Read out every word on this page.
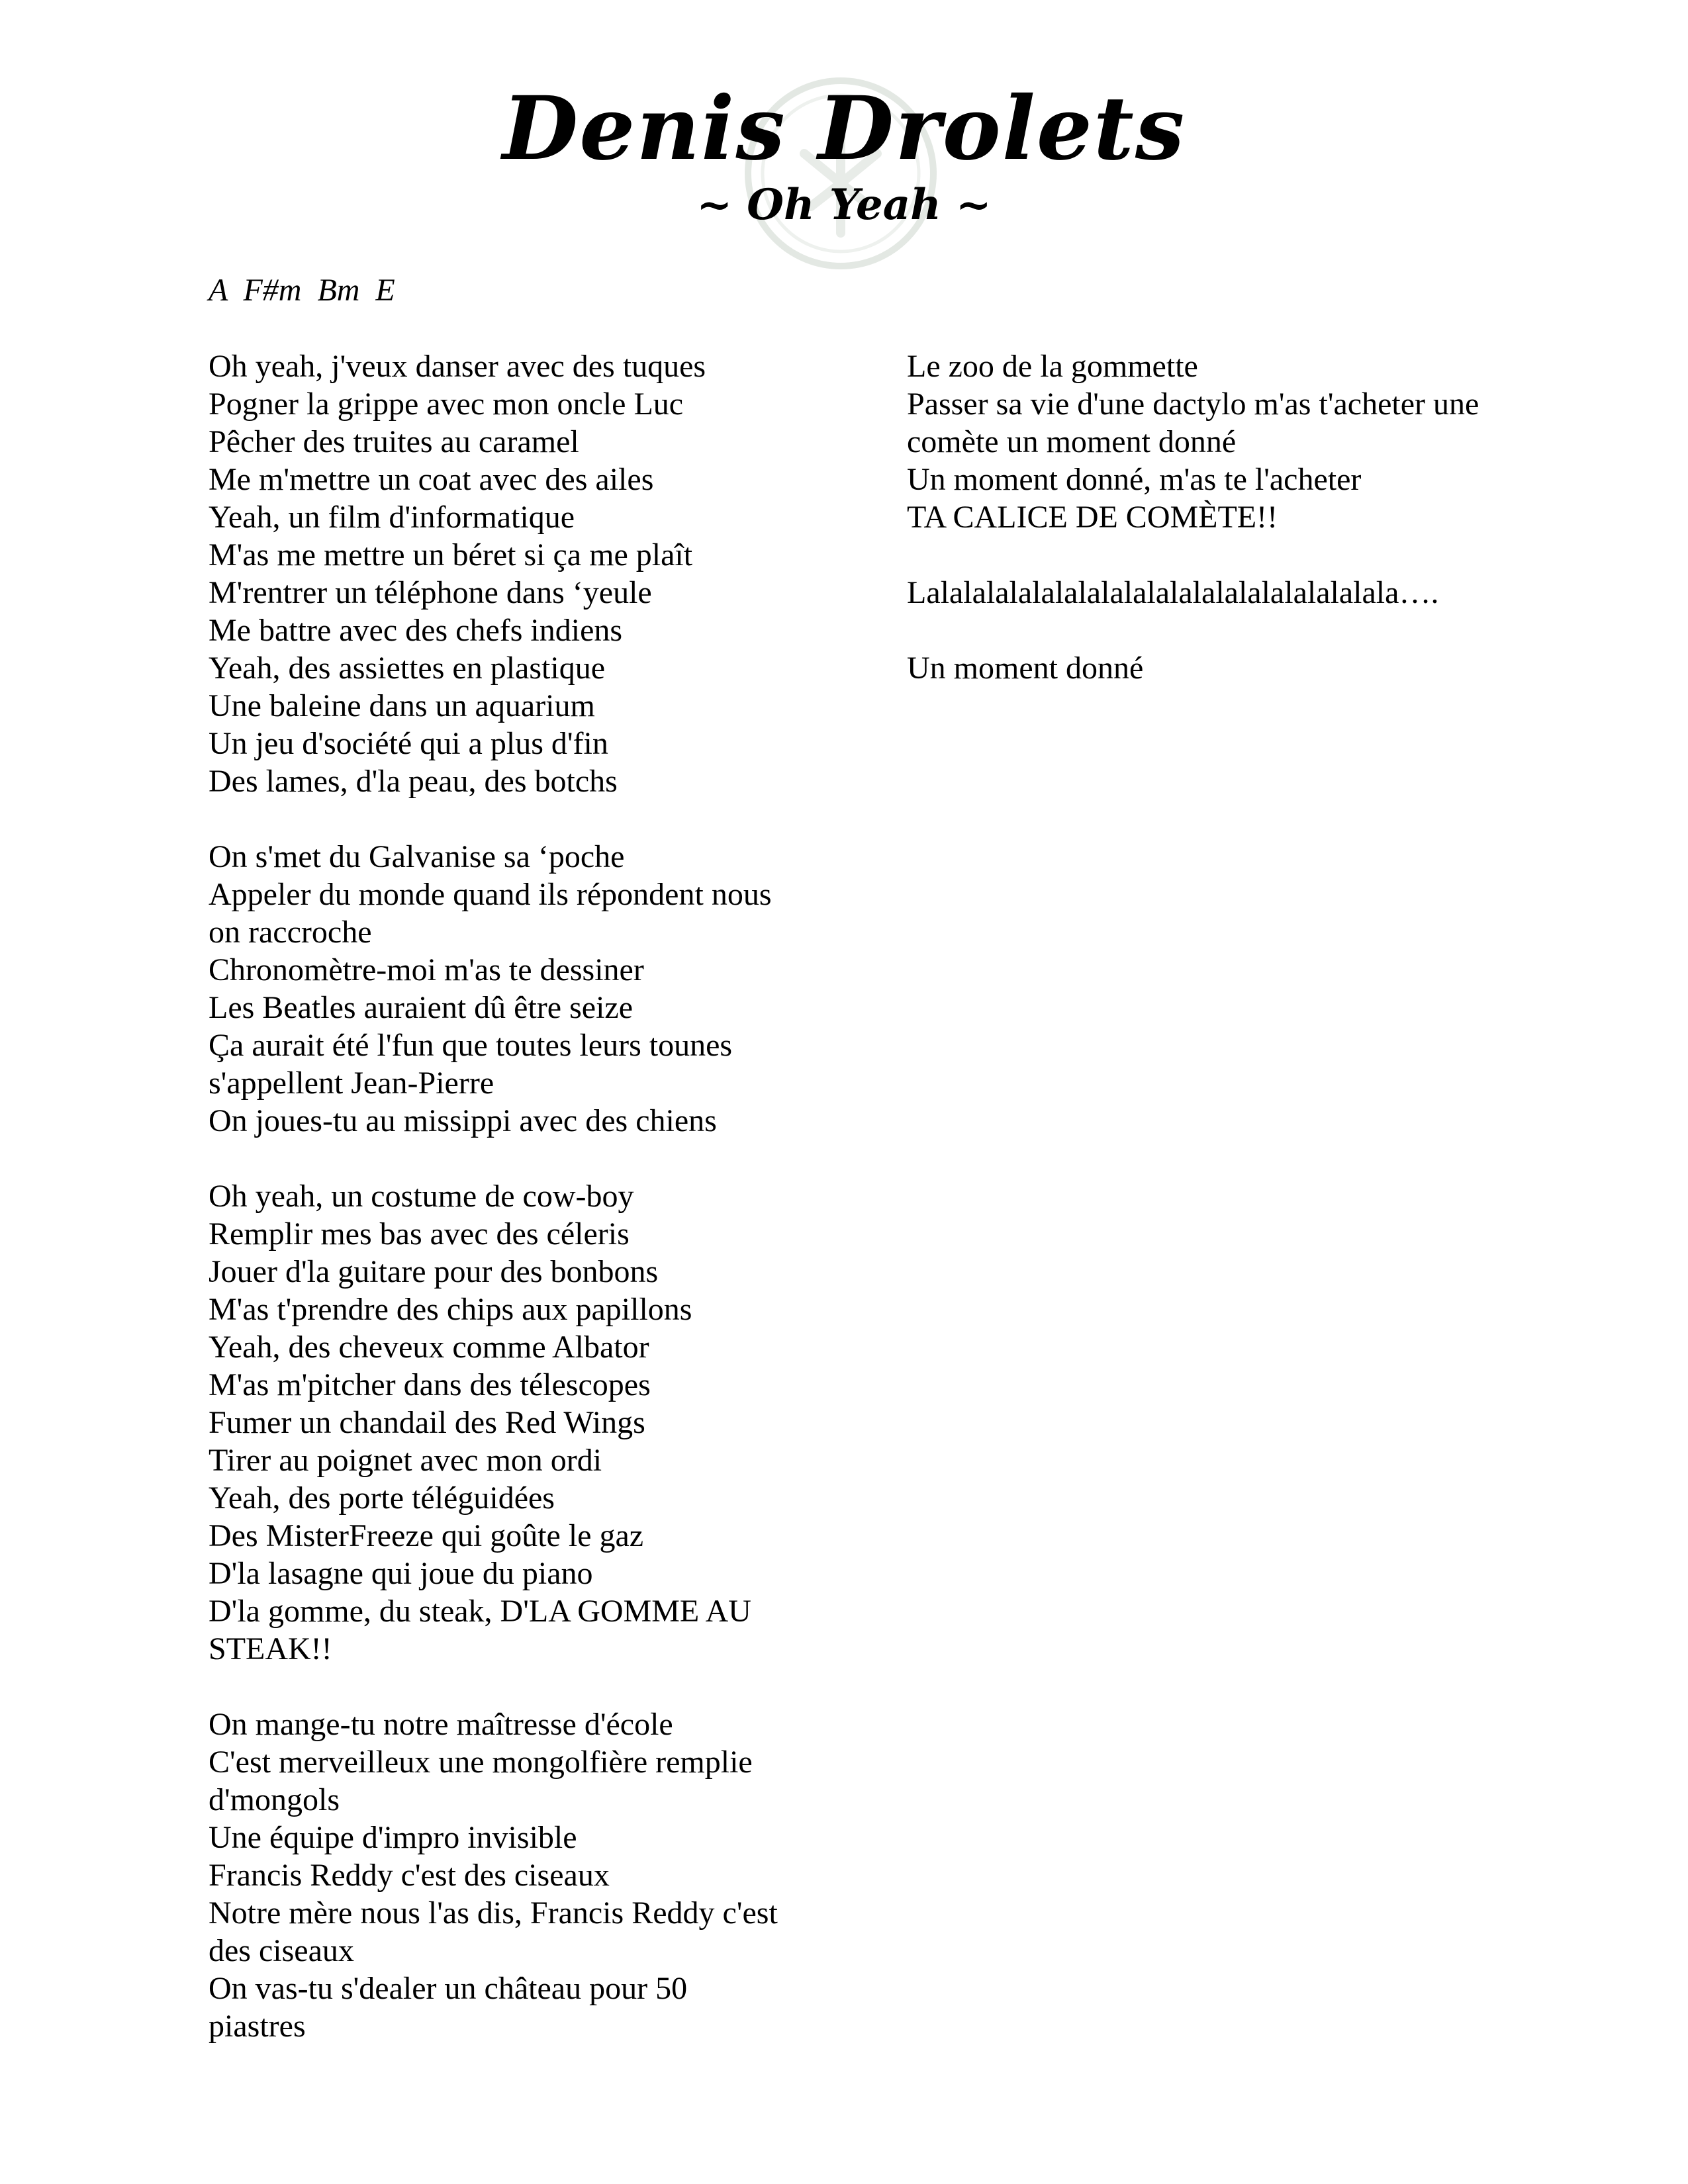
Denis Drolets
~ Oh Yeah ~
A  F#m  Bm  E
Oh yeah, j'veux danser avec des tuques
Pogner la grippe avec mon oncle Luc
Pêcher des truites au caramel
Me m'mettre un coat avec des ailes
Yeah, un film d'informatique
M'as me mettre un béret si ça me plaît
M'rentrer un téléphone dans ‘yeule
Me battre avec des chefs indiens
Yeah, des assiettes en plastique
Une baleine dans un aquarium
Un jeu d'société qui a plus d'fin
Des lames, d'la peau, des botchs
On s'met du Galvanise sa ‘poche
Appeler du monde quand ils répondent nous
on raccroche
Chronomètre-moi m'as te dessiner
Les Beatles auraient dû être seize
Ça aurait été l'fun que toutes leurs tounes
s'appellent Jean-Pierre
On joues-tu au missippi avec des chiens
Oh yeah, un costume de cow-boy
Remplir mes bas avec des céleris
Jouer d'la guitare pour des bonbons
M'as t'prendre des chips aux papillons
Yeah, des cheveux comme Albator
M'as m'pitcher dans des télescopes
Fumer un chandail des Red Wings
Tirer au poignet avec mon ordi
Yeah, des porte téléguidées
Des MisterFreeze qui goûte le gaz
D'la lasagne qui joue du piano
D'la gomme, du steak, D'LA GOMME AU
STEAK!!
On mange-tu notre maîtresse d'école
C'est merveilleux une mongolfière remplie
d'mongols
Une équipe d'impro invisible
Francis Reddy c'est des ciseaux
Notre mère nous l'as dis, Francis Reddy c'est
des ciseaux
On vas-tu s'dealer un château pour 50
piastres
Le zoo de la gommette
Passer sa vie d'une dactylo m'as t'acheter une
comète un moment donné
Un moment donné, m'as te l'acheter
TA CALICE DE COMÈTE!!
Lalalalalalalalalalalalalalalalalalalalala….
Un moment donné
